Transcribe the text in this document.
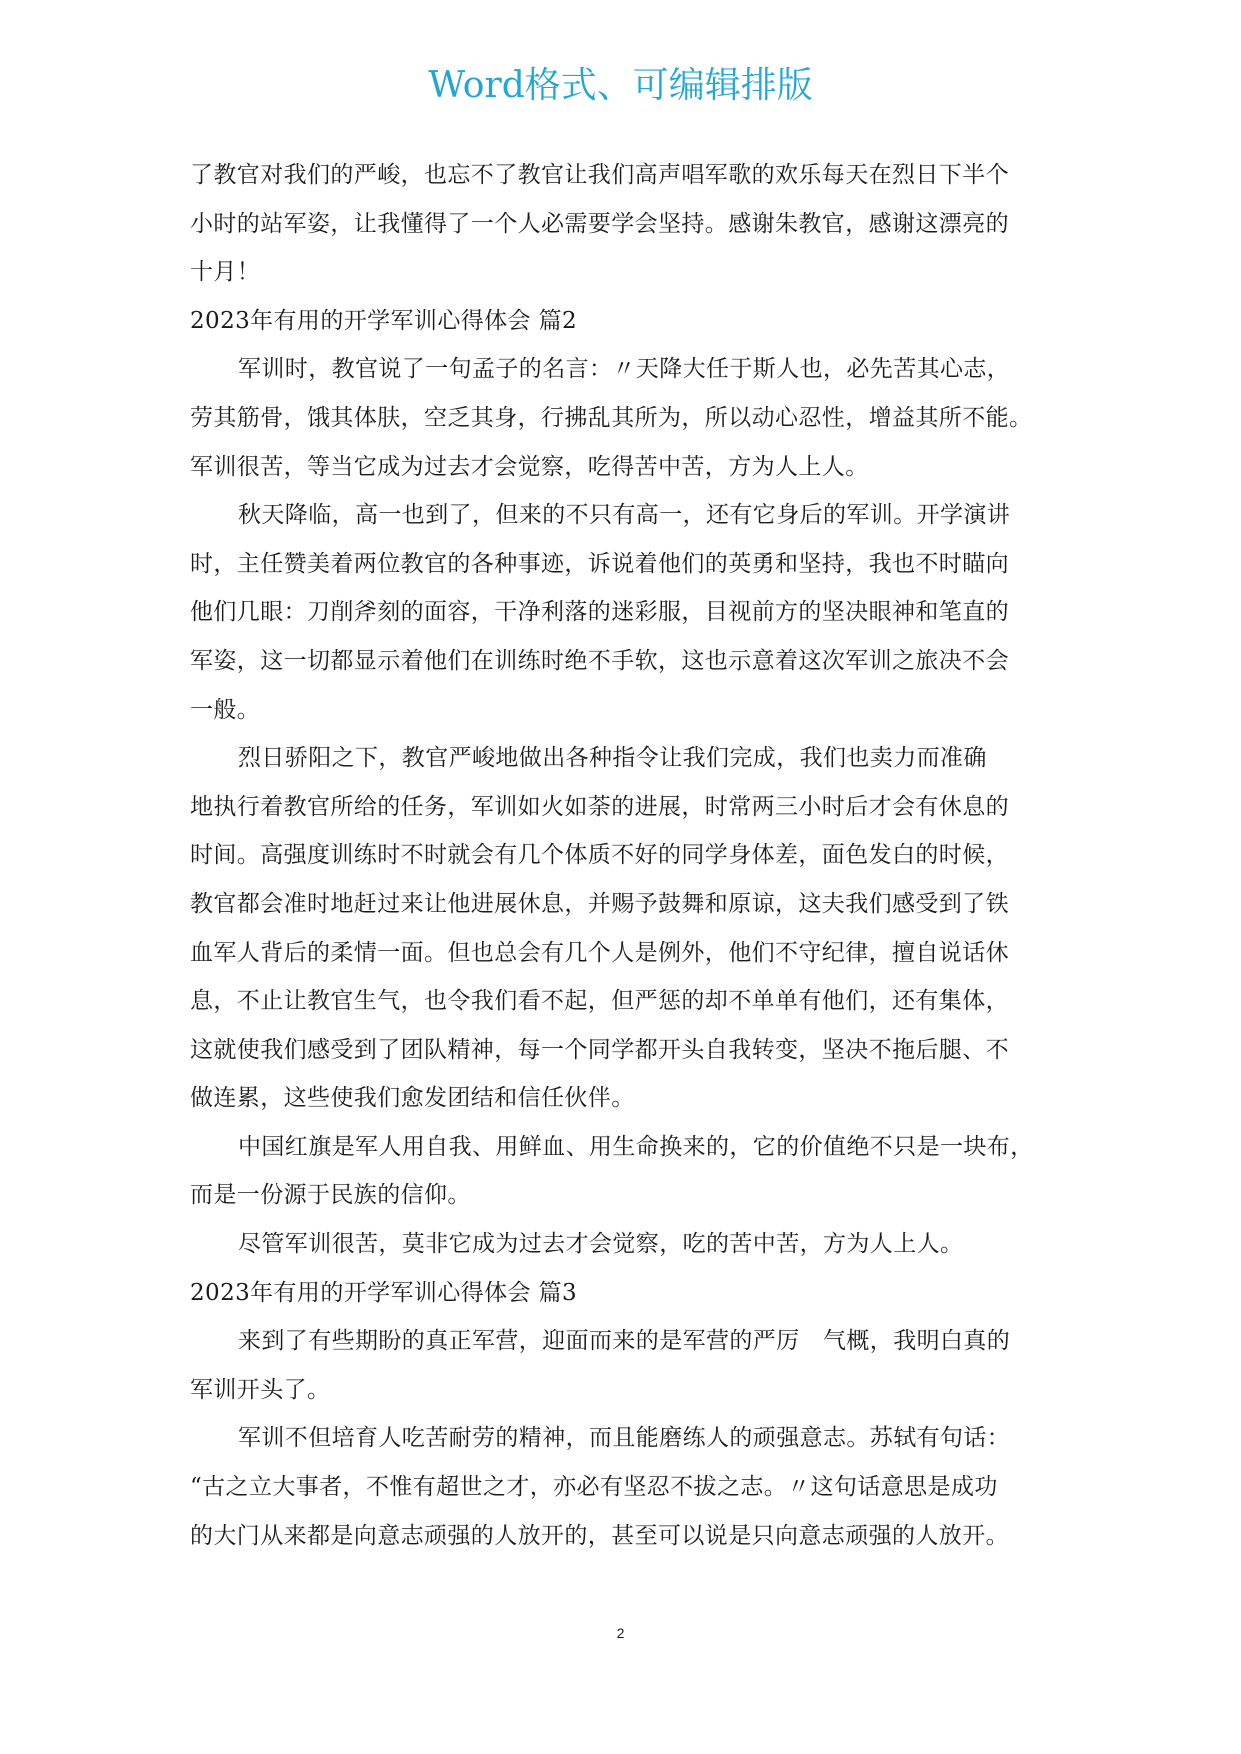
Word格式、可编辑排版
了教官对我们的严峻，也忘不了教官让我们高声唱军歌的欢乐每天在烈日下半个
小时的站军姿，让我懂得了一个人必需要学会坚持。感谢朱教官，感谢这漂亮的
十月！
2023年有用的开学军训心得体会 篇2
军训时，教官说了一句孟子的名言：〃天降大任于斯人也，必先苦其心志，
劳其筋骨，饿其体肤，空乏其身，行拂乱其所为，所以动心忍性，增益其所不能。
军训很苦，等当它成为过去才会觉察，吃得苦中苦，方为人上人。
秋天降临，高一也到了，但来的不只有高一，还有它身后的军训。开学演讲
时，主任赞美着两位教官的各种事迹，诉说着他们的英勇和坚持，我也不时瞄向
他们几眼：刀削斧刻的面容，干净利落的迷彩服，目视前方的坚决眼神和笔直的
军姿，这一切都显示着他们在训练时绝不手软，这也示意着这次军训之旅决不会
一般。
烈日骄阳之下，教官严峻地做出各种指令让我们完成，我们也卖力而准确
地执行着教官所给的任务，军训如火如荼的进展，时常两三小时后才会有休息的
时间。高强度训练时不时就会有几个体质不好的同学身体差，面色发白的时候，
教官都会准时地赶过来让他进展休息，并赐予鼓舞和原谅，这夫我们感受到了铁
血军人背后的柔情一面。但也总会有几个人是例外，他们不守纪律，擅自说话休
息，不止让教官生气，也令我们看不起，但严惩的却不单单有他们，还有集体，
这就使我们感受到了团队精神，每一个同学都开头自我转变，坚决不拖后腿、不
做连累，这些使我们愈发团结和信任伙伴。
中国红旗是军人用自我、用鲜血、用生命换来的，它的价值绝不只是一块布，
而是一份源于民族的信仰。
尽管军训很苦，莫非它成为过去才会觉察，吃的苦中苦，方为人上人。
2023年有用的开学军训心得体会 篇3
来到了有些期盼的真正军营，迎面而来的是军营的严厉　气概，我明白真的
军训开头了。
军训不但培育人吃苦耐劳的精神，而且能磨练人的顽强意志。苏轼有句话：
“古之立大事者，不惟有超世之才，亦必有坚忍不拔之志。〃这句话意思是成功
的大门从来都是向意志顽强的人放开的，甚至可以说是只向意志顽强的人放开。
2
